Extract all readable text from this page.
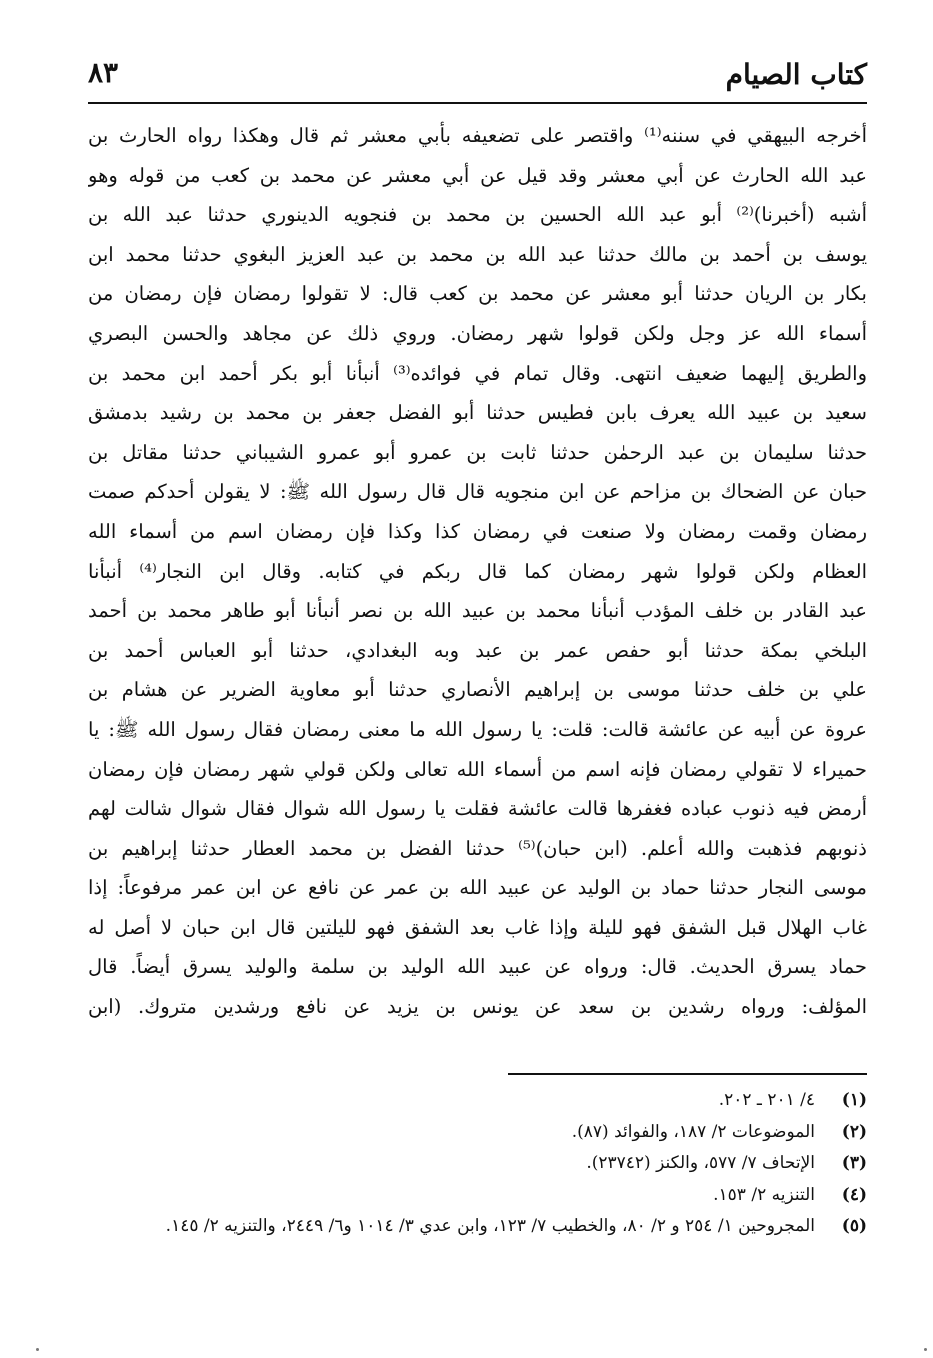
كتاب الصيام
٨٣
أخرجه البيهقي في سننه⁽¹⁾ واقتصر على تضعيفه بأبي معشر ثم قال وهكذا رواه الحارث بن
عبد الله الحارث عن أبي معشر وقد قيل عن أبي معشر عن محمد بن كعب من قوله وهو
أشبه (أخبرنا)⁽²⁾ أبو عبد الله الحسين بن محمد بن فنجويه الدينوري حدثنا عبد الله بن
يوسف بن أحمد بن مالك حدثنا عبد الله بن محمد بن عبد العزيز البغوي حدثنا محمد ابن
بكار بن الريان حدثنا أبو معشر عن محمد بن كعب قال: لا تقولوا رمضان فإن رمضان من
أسماء الله عز وجل ولكن قولوا شهر رمضان. وروي ذلك عن مجاهد والحسن البصري
والطريق إليهما ضعيف انتهى. وقال تمام في فوائده⁽³⁾ أنبأنا أبو بكر أحمد ابن محمد بن
سعيد بن عبيد الله يعرف بابن فطيس حدثنا أبو الفضل جعفر بن محمد بن رشيد بدمشق
حدثنا سليمان بن عبد الرحمٰن حدثنا ثابت بن عمرو أبو عمرو الشيباني حدثنا مقاتل بن
حبان عن الضحاك بن مزاحم عن ابن منجويه قال قال رسول الله ﷺ: لا يقولن أحدكم صمت
رمضان وقمت رمضان ولا صنعت في رمضان كذا وكذا فإن رمضان اسم من أسماء الله
العظام ولكن قولوا شهر رمضان كما قال ربكم في كتابه. وقال ابن النجار⁽⁴⁾ أنبأنا
عبد القادر بن خلف المؤدب أنبأنا محمد بن عبيد الله بن نصر أنبأنا أبو طاهر محمد بن أحمد
البلخي بمكة حدثنا أبو حفص عمر بن عبد وبه البغدادي، حدثنا أبو العباس أحمد بن
علي بن خلف حدثنا موسى بن إبراهيم الأنصاري حدثنا أبو معاوية الضرير عن هشام بن
عروة عن أبيه عن عائشة قالت: قلت: يا رسول الله ما معنى رمضان فقال رسول الله ﷺ: يا
حميراء لا تقولي رمضان فإنه اسم من أسماء الله تعالى ولكن قولي شهر رمضان فإن رمضان
أرمض فيه ذنوب عباده فغفرها قالت عائشة فقلت يا رسول الله شوال فقال شوال شالت لهم
ذنوبهم فذهبت والله أعلم. (ابن حبان)⁽⁵⁾ حدثنا الفضل بن محمد العطار حدثنا إبراهيم بن
موسى النجار حدثنا حماد بن الوليد عن عبيد الله بن عمر عن نافع عن ابن عمر مرفوعاً: إذا
غاب الهلال قبل الشفق فهو لليلة وإذا غاب بعد الشفق فهو لليلتين قال ابن حبان لا أصل له
حماد يسرق الحديث. قال: ورواه عن عبيد الله الوليد بن سلمة والوليد يسرق أيضاً. قال
المؤلف: ورواه رشدين بن سعد عن يونس بن يزيد عن نافع ورشدين متروك. (ابن
(١)
٤/ ٢٠١ ـ ٢٠٢.
(٢)
الموضوعات ٢/ ١٨٧، والفوائد (٨٧).
(٣)
الإتحاف ٧/ ٥٧٧، والكنز (٢٣٧٤٢).
(٤)
التنزيه ٢/ ١٥٣.
(٥)
المجروحين ١/ ٢٥٤ و ٢/ ٨٠، والخطيب ٧/ ١٢٣، وابن عدي ٣/ ١٠١٤ و٦/ ٢٤٤٩، والتنزيه ٢/ ١٤٥.
